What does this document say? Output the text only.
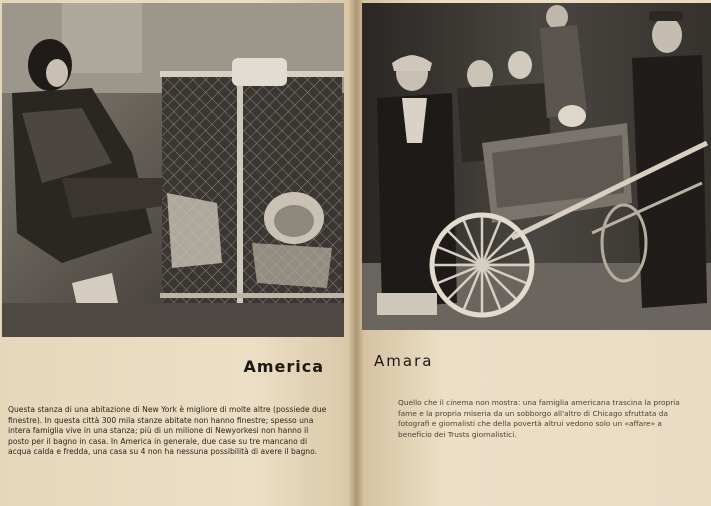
America
Questa stanza di una abitazione di New York è migliore di molte altre (possiede due finestre). In questa città 300 mila stanze abitate non hanno finestre; spesso una intera famiglia vive in una stanza; più di un milione di Newyorkesi non hanno il posto per il bagno in casa. In America in generale, due case su tre mancano di acqua calda e fredda, una casa su 4 non ha nessuna possibilità di avere il bagno.
Amara
Quello che il cinema non mostra: una famiglia americana trascina la propria fame e la propria miseria da un sobborgo all'altro di Chicago sfruttata da fotografi e giornalisti che della povertà altrui vedono solo un «affare» a beneficio dei Trusts giornalistici.
